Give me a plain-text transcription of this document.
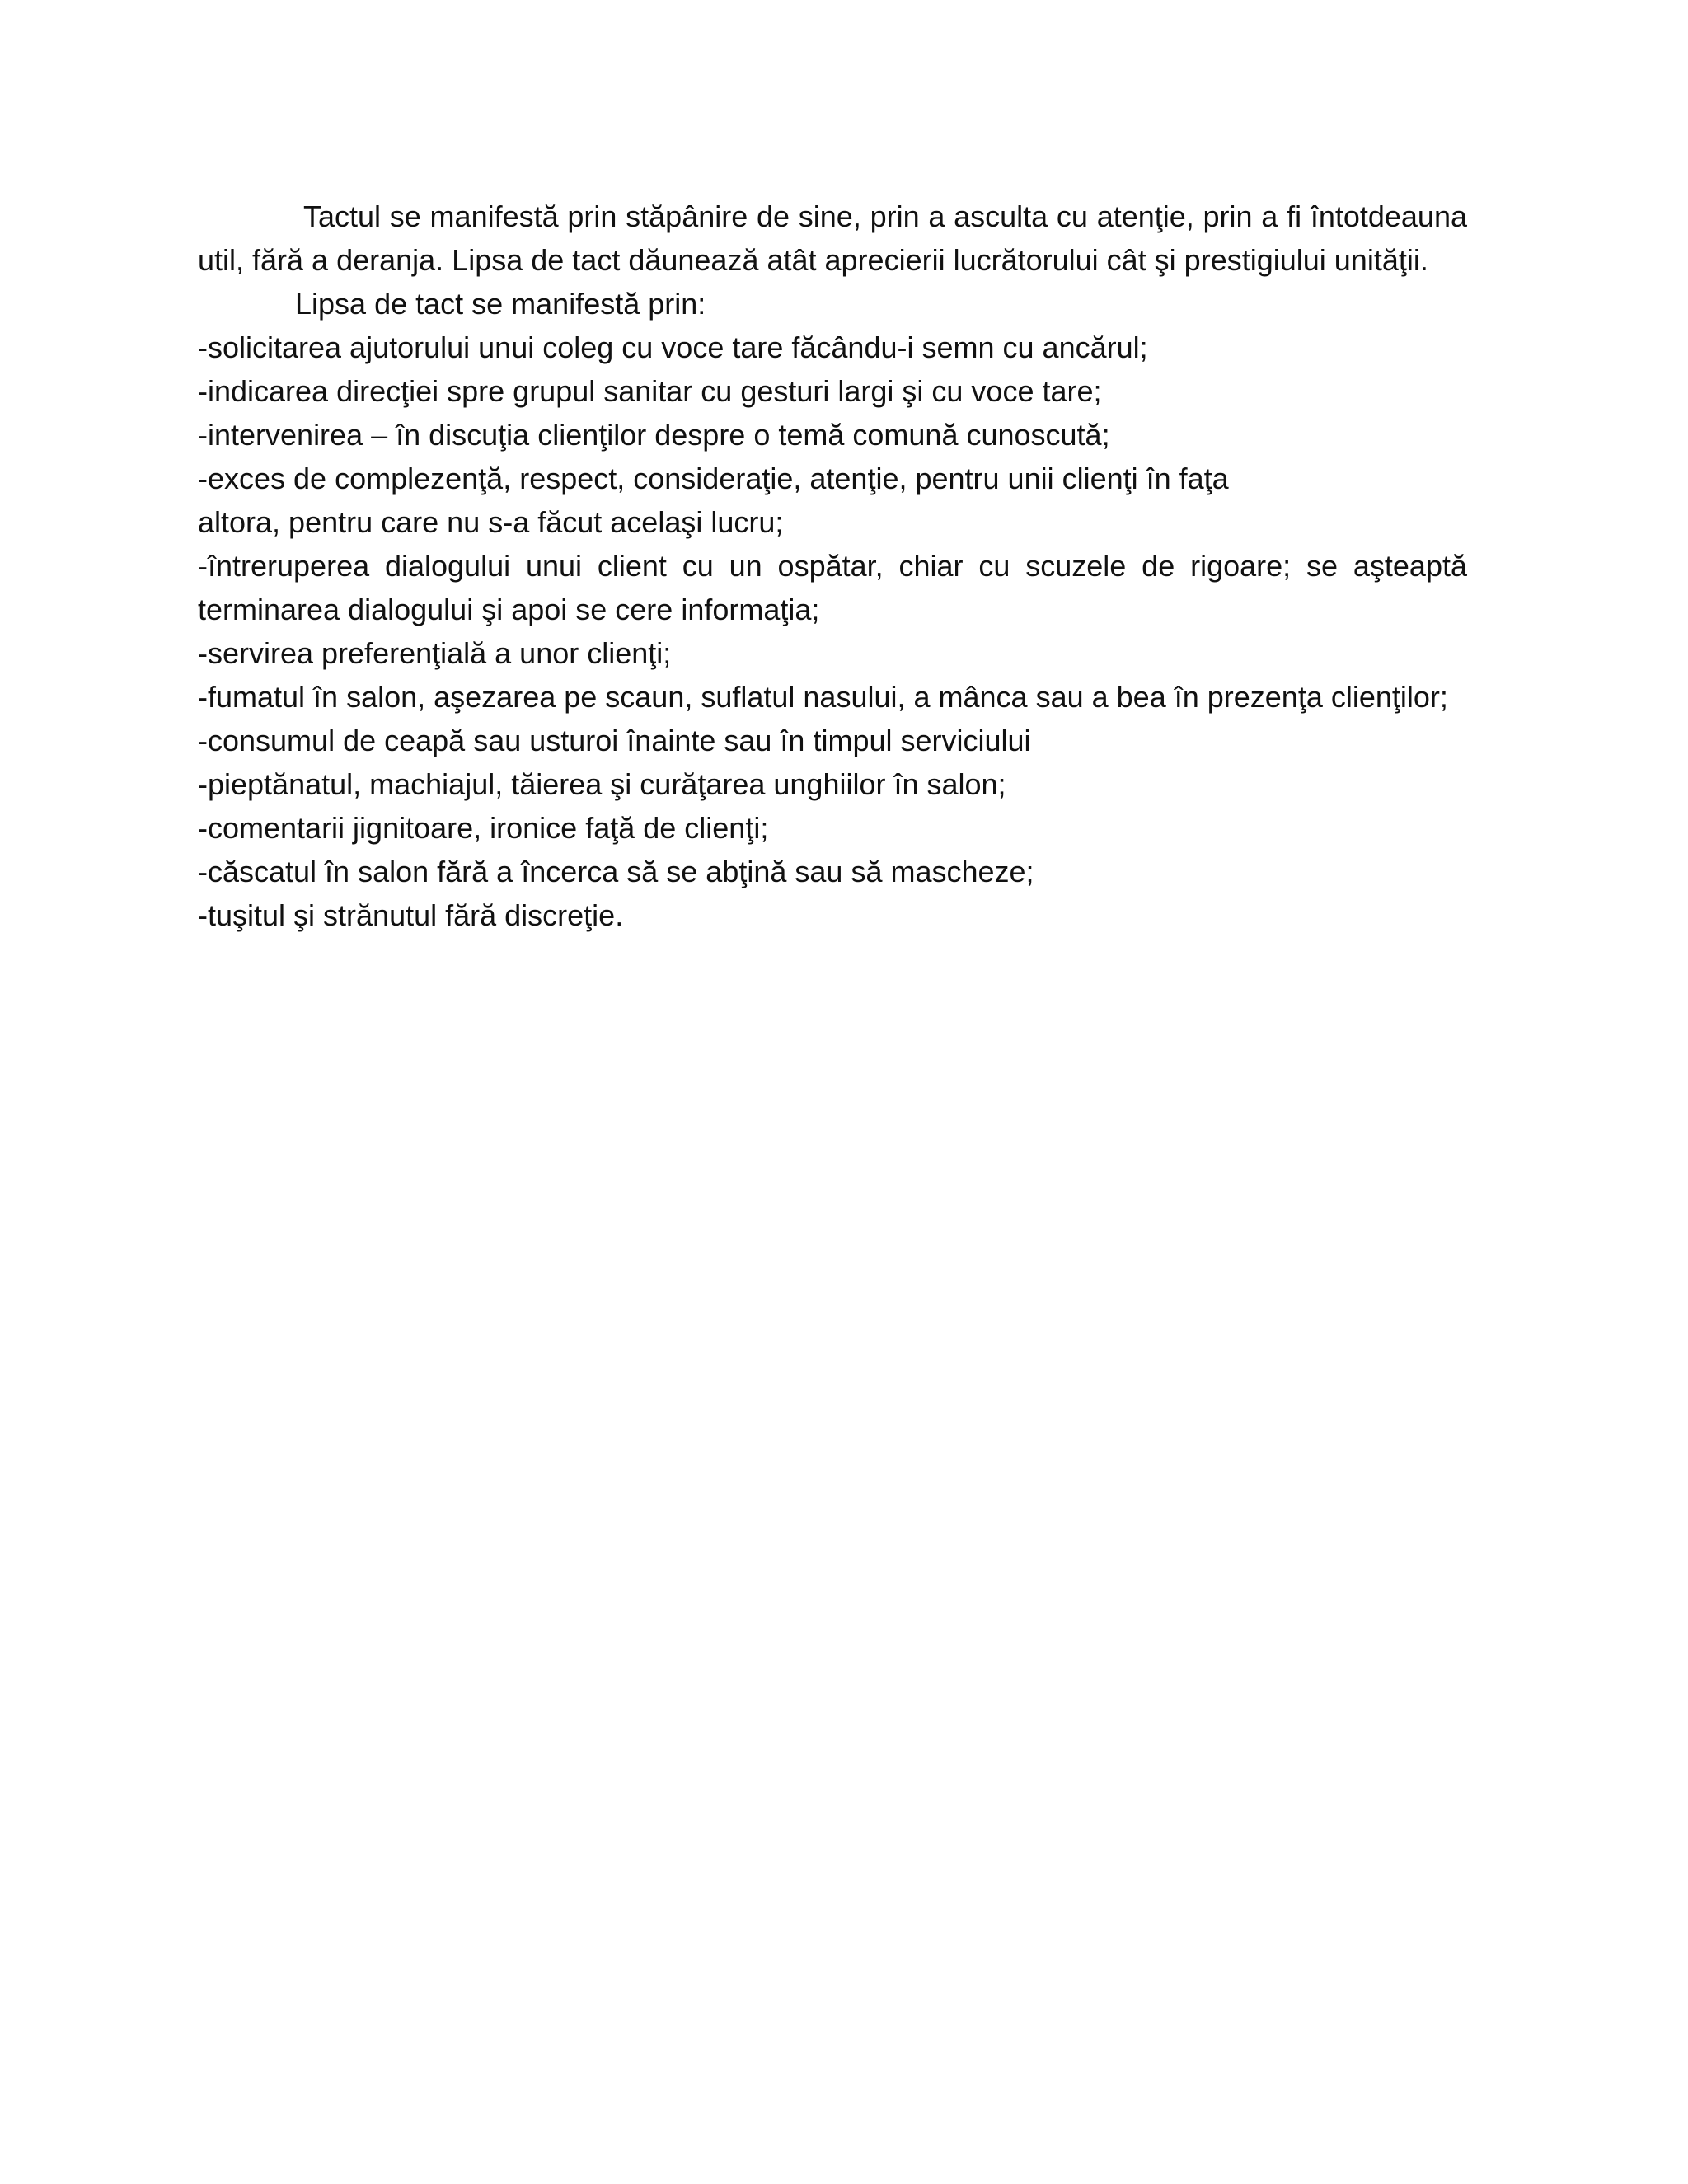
Tactul se manifestă prin stăpânire de sine, prin a asculta cu atenţie, prin a fi întotdeauna util, fără a deranja. Lipsa de tact dăunează atât aprecierii lucrătorului cât şi prestigiului unităţii.

Lipsa de tact se manifestă prin:

-solicitarea ajutorului unui coleg cu voce tare făcându-i semn cu ancărul;

-indicarea direcţiei spre grupul sanitar cu gesturi largi şi cu voce tare;

-intervenirea – în discuţia clienţilor despre o temă comună cunoscută;

-exces de complezenţă, respect, consideraţie, atenţie, pentru unii clienţi în faţa

altora, pentru care nu s-a făcut acelaşi lucru;

-întreruperea dialogului unui client cu un ospătar, chiar cu scuzele de rigoare; se aşteaptă terminarea dialogului şi apoi se cere informaţia;

-servirea preferenţială a unor clienţi;

-fumatul în salon, aşezarea pe scaun, suflatul nasului, a mânca sau a bea în prezenţa clienţilor;

-consumul de ceapă sau usturoi înainte sau în timpul serviciului

-pieptănatul, machiajul, tăierea şi curăţarea unghiilor în salon;

-comentarii jignitoare, ironice faţă de clienţi;

-căscatul în salon fără a încerca să se abţină sau să mascheze;

-tuşitul şi strănutul fără discreţie.
